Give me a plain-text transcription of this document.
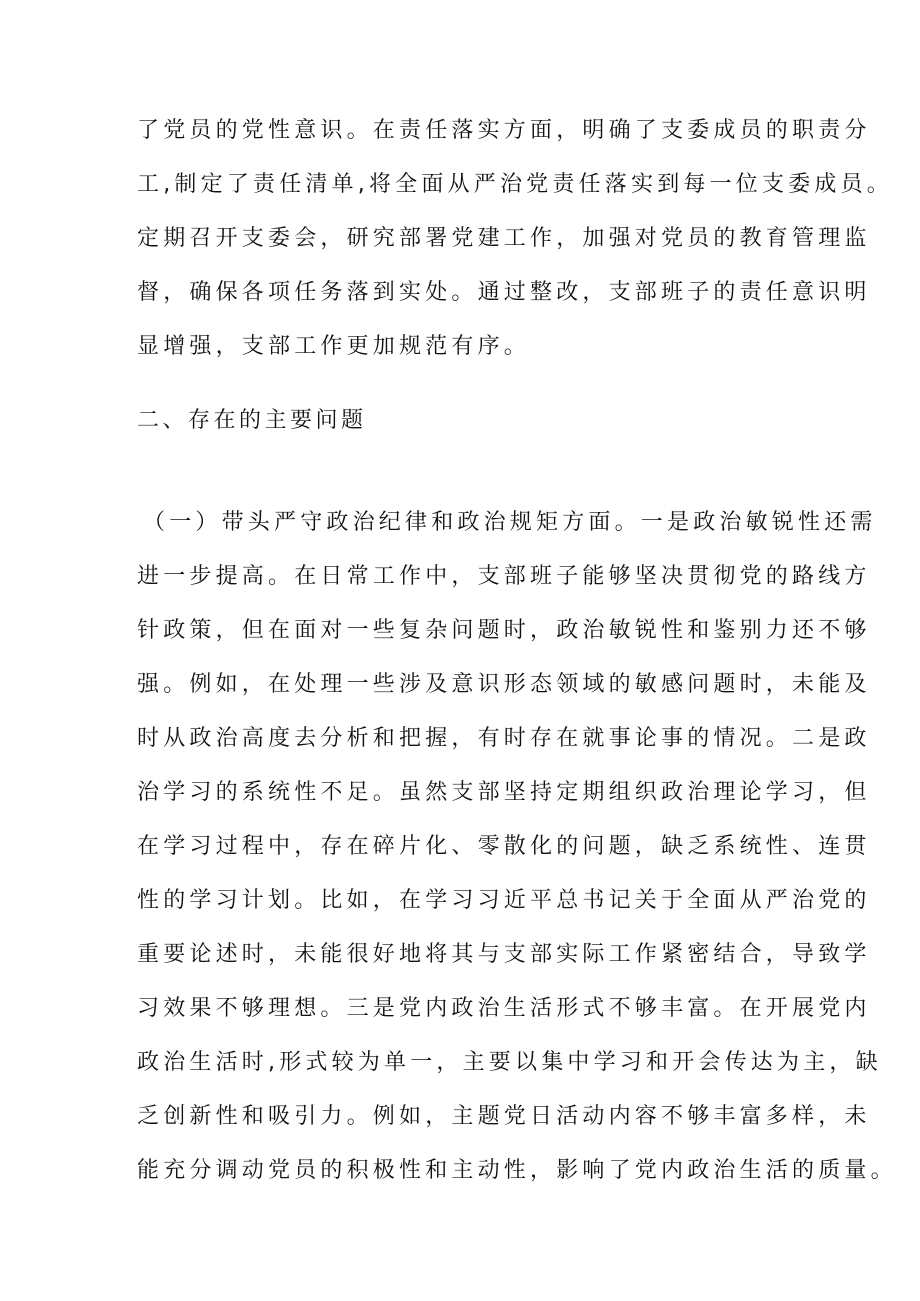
了党员的党性意识。在责任落实方面，明确了支委成员的职责分
工,制定了责任清单,将全面从严治党责任落实到每一位支委成员。
定期召开支委会，研究部署党建工作，加强对党员的教育管理监
督，确保各项任务落到实处。通过整改，支部班子的责任意识明
显增强，支部工作更加规范有序。
二、存在的主要问题
（一）带头严守政治纪律和政治规矩方面。一是政治敏锐性还需
进一步提高。在日常工作中，支部班子能够坚决贯彻党的路线方
针政策，但在面对一些复杂问题时，政治敏锐性和鉴别力还不够
强。例如，在处理一些涉及意识形态领域的敏感问题时，未能及
时从政治高度去分析和把握，有时存在就事论事的情况。二是政
治学习的系统性不足。虽然支部坚持定期组织政治理论学习，但
在学习过程中，存在碎片化、零散化的问题，缺乏系统性、连贯
性的学习计划。比如，在学习习近平总书记关于全面从严治党的
重要论述时，未能很好地将其与支部实际工作紧密结合，导致学
习效果不够理想。三是党内政治生活形式不够丰富。在开展党内
政治生活时,形式较为单一，主要以集中学习和开会传达为主，缺
乏创新性和吸引力。例如，主题党日活动内容不够丰富多样，未
能充分调动党员的积极性和主动性，影响了党内政治生活的质量。
